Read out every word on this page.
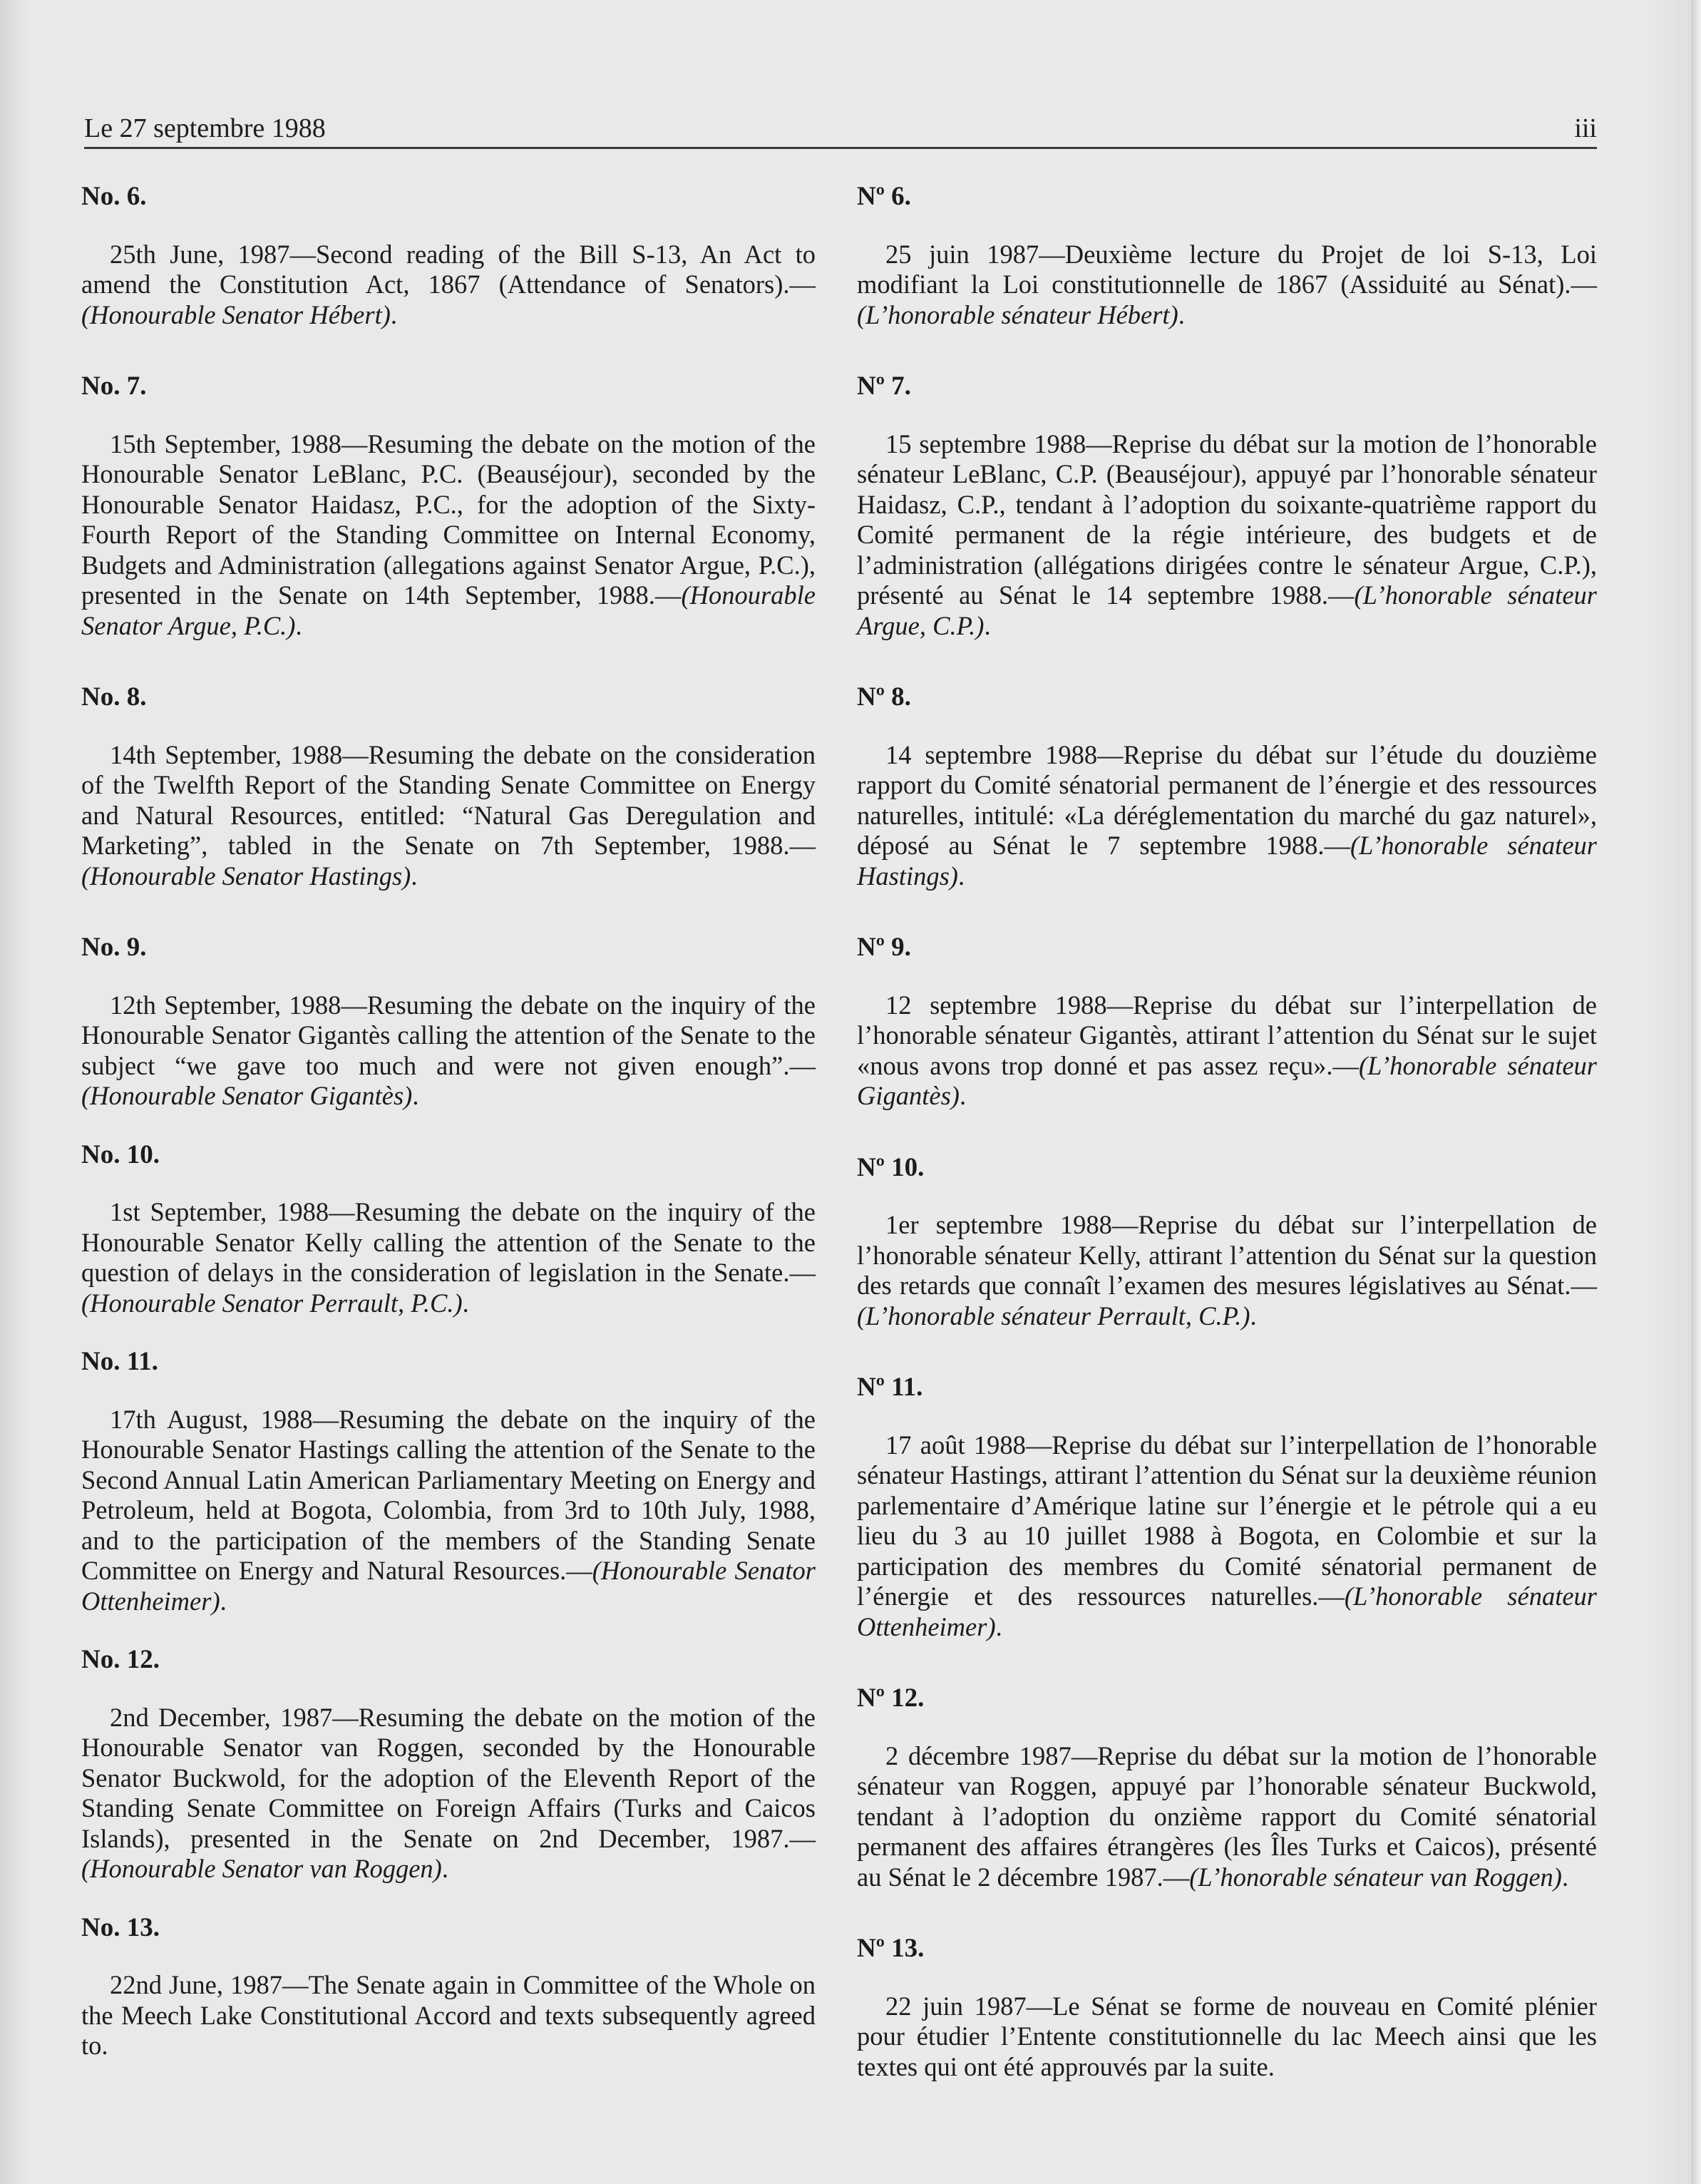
Le 27 septembre 1988	iii

No. 6.

25th June, 1987—Second reading of the Bill S-13, An Act to amend the Constitution Act, 1867 (Attendance of Senators).—(Honourable Senator Hébert).

No. 7.

15th September, 1988—Resuming the debate on the motion of the Honourable Senator LeBlanc, P.C. (Beauséjour), seconded by the Honourable Senator Haidasz, P.C., for the adoption of the Sixty-Fourth Report of the Standing Committee on Internal Economy, Budgets and Administration (allegations against Senator Argue, P.C.), presented in the Senate on 14th September, 1988.—(Honourable Senator Argue, P.C.).

No. 8.

14th September, 1988—Resuming the debate on the consideration of the Twelfth Report of the Standing Senate Committee on Energy and Natural Resources, entitled: “Natural Gas Deregulation and Marketing”, tabled in the Senate on 7th September, 1988.—(Honourable Senator Hastings).

No. 9.

12th September, 1988—Resuming the debate on the inquiry of the Honourable Senator Gigantès calling the attention of the Senate to the subject “we gave too much and were not given enough”.—(Honourable Senator Gigantès).

No. 10.

1st September, 1988—Resuming the debate on the inquiry of the Honourable Senator Kelly calling the attention of the Senate to the question of delays in the consideration of legislation in the Senate.—(Honourable Senator Perrault, P.C.).

No. 11.

17th August, 1988—Resuming the debate on the inquiry of the Honourable Senator Hastings calling the attention of the Senate to the Second Annual Latin American Parliamentary Meeting on Energy and Petroleum, held at Bogota, Colombia, from 3rd to 10th July, 1988, and to the participation of the members of the Standing Senate Committee on Energy and Natural Resources.—(Honourable Senator Ottenheimer).

No. 12.

2nd December, 1987—Resuming the debate on the motion of the Honourable Senator van Roggen, seconded by the Honourable Senator Buckwold, for the adoption of the Eleventh Report of the Standing Senate Committee on Foreign Affairs (Turks and Caicos Islands), presented in the Senate on 2nd December, 1987.—(Honourable Senator van Roggen).

No. 13.

22nd June, 1987—The Senate again in Committee of the Whole on the Meech Lake Constitutional Accord and texts subsequently agreed to.

Nº 6.

25 juin 1987—Deuxième lecture du Projet de loi S-13, Loi modifiant la Loi constitutionnelle de 1867 (Assiduité au Sénat).—(L’honorable sénateur Hébert).

Nº 7.

15 septembre 1988—Reprise du débat sur la motion de l’honorable sénateur LeBlanc, C.P. (Beauséjour), appuyé par l’honorable sénateur Haidasz, C.P., tendant à l’adoption du soixante-quatrième rapport du Comité permanent de la régie intérieure, des budgets et de l’administration (allégations dirigées contre le sénateur Argue, C.P.), présenté au Sénat le 14 septembre 1988.—(L’honorable sénateur Argue, C.P.).

Nº 8.

14 septembre 1988—Reprise du débat sur l’étude du douzième rapport du Comité sénatorial permanent de l’énergie et des ressources naturelles, intitulé: «La déréglementation du marché du gaz naturel», déposé au Sénat le 7 septembre 1988.—(L’honorable sénateur Hastings).

Nº 9.

12 septembre 1988—Reprise du débat sur l’interpellation de l’honorable sénateur Gigantès, attirant l’attention du Sénat sur le sujet «nous avons trop donné et pas assez reçu».—(L’honorable sénateur Gigantès).

Nº 10.

1er septembre 1988—Reprise du débat sur l’interpellation de l’honorable sénateur Kelly, attirant l’attention du Sénat sur la question des retards que connaît l’examen des mesures législatives au Sénat.—(L’honorable sénateur Perrault, C.P.).

Nº 11.

17 août 1988—Reprise du débat sur l’interpellation de l’honorable sénateur Hastings, attirant l’attention du Sénat sur la deuxième réunion parlementaire d’Amérique latine sur l’énergie et le pétrole qui a eu lieu du 3 au 10 juillet 1988 à Bogota, en Colombie et sur la participation des membres du Comité sénatorial permanent de l’énergie et des ressources naturelles.—(L’honorable sénateur Ottenheimer).

Nº 12.

2 décembre 1987—Reprise du débat sur la motion de l’honorable sénateur van Roggen, appuyé par l’honorable sénateur Buckwold, tendant à l’adoption du onzième rapport du Comité sénatorial permanent des affaires étrangères (les Îles Turks et Caicos), présenté au Sénat le 2 décembre 1987.—(L’honorable sénateur van Roggen).

Nº 13.

22 juin 1987—Le Sénat se forme de nouveau en Comité plénier pour étudier l’Entente constitutionnelle du lac Meech ainsi que les textes qui ont été approuvés par la suite.
